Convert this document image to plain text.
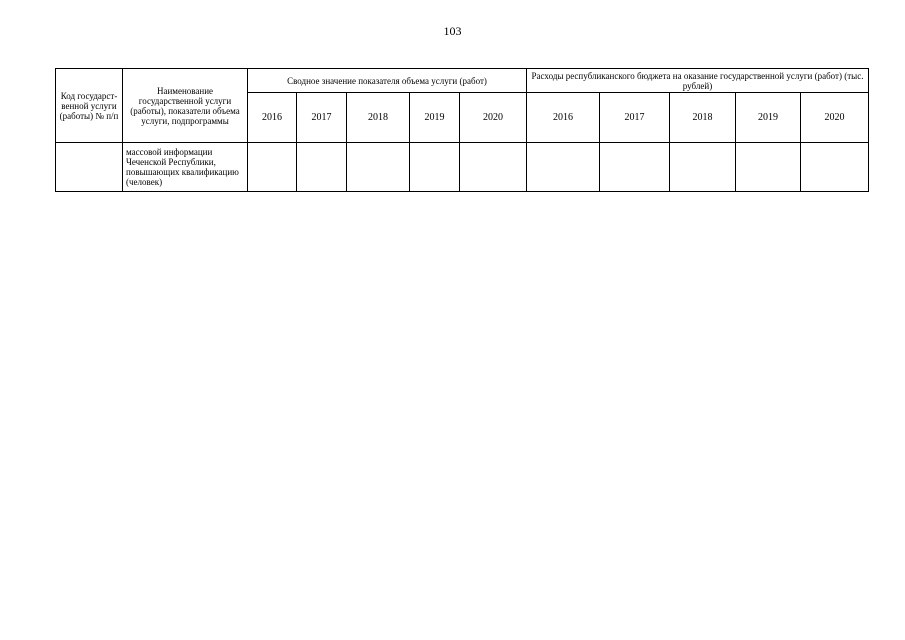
103
Код государст-венной услуги (работы) № п/п	Наименование государственной услуги (работы), показатели объема услуги, подпрограммы	Сводное значение показателя объема услуги (работ)					Расходы республиканского бюджета на оказание государственной услуги (работ) (тыс. рублей)				
		2016	2017	2018	2019	2020	2016	2017	2018	2019	2020
	массовой информации Чеченской Республики, повышающих квалификацию (человек)										
